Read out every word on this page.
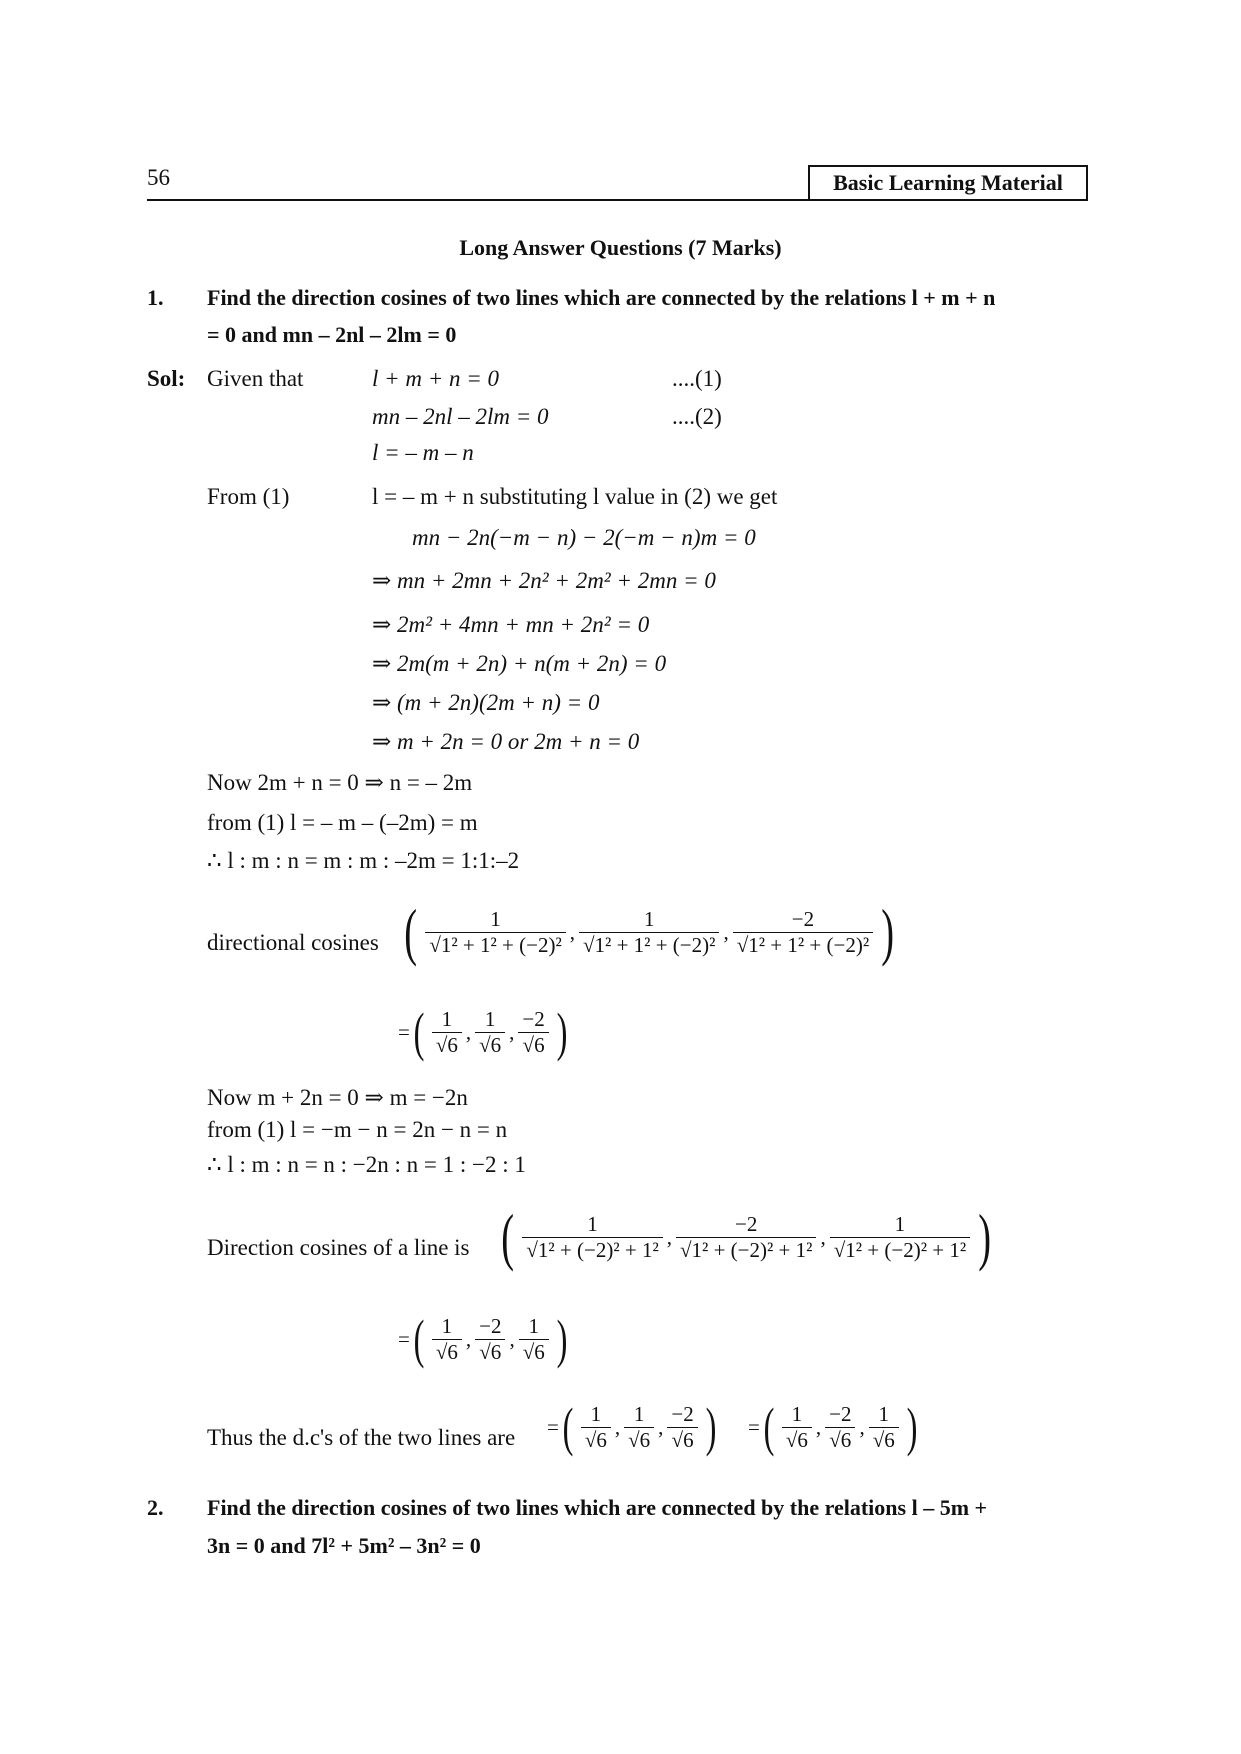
56	Basic Learning Material
Long Answer Questions (7 Marks)
1. Find the direction cosines of two lines which are connected by the relations l + m + n
= 0 and mn – 2nl – 2lm = 0
Sol: Given that	l + m + n = 0	....(1)
mn – 2nl – 2lm = 0	....(2)
l = – m – n
From (1)	l = – m + n substituting l value in (2) we get
mn − 2n(−m − n) − 2(−m − n)m = 0
⇒ mn + 2mn + 2n² + 2m² + 2mn = 0
⇒ 2m² + 4mn + mn + 2n² = 0
⇒ 2m(m + 2n) + n(m + 2n) = 0
⇒ (m + 2n)(2m + n) = 0
⇒ m + 2n = 0 or 2m + n = 0
Now 2m + n = 0 ⇒ n = – 2m
from (1) l = – m – (–2m) = m
∴ l : m : n = m : m : –2m = 1:1:–2
directional cosines ( $\frac{1}{\text{√1² + 1² + (−2)²}}$ , $\frac{1}{\text{√1² + 1² + (−2)²}}$ , $\frac{-2}{\text{√1² + 1² + (−2)²}}$ )
= ( $\frac{1}{√6}$ , $\frac{1}{√6}$ , $\frac{-2}{√6}$ )
Now m + 2n = 0 ⇒ m = −2n
from (1) l = −m − n = 2n − n = n
∴ l : m : n = n : −2n : n = 1 : −2 : 1
Direction cosines of a line is ( $\frac{1}{\text{√1² + (−2)² + 1²}}$ , $\frac{-2}{\text{√1² + (−2)² + 1²}}$ , $\frac{1}{\text{√1² + (−2)² + 1²}}$ )
= ( $\frac{1}{√6}$ , $\frac{-2}{√6}$ , $\frac{1}{√6}$ )
Thus the d.c's of the two lines are = ( $\frac{1}{√6}$ , $\frac{1}{√6}$ , $\frac{-2}{√6}$ ) = ( $\frac{1}{√6}$ , $\frac{-2}{√6}$ , $\frac{1}{√6}$ )
2. Find the direction cosines of two lines which are connected by the relations l – 5m +
3n = 0 and 7l² + 5m² – 3n² = 0
